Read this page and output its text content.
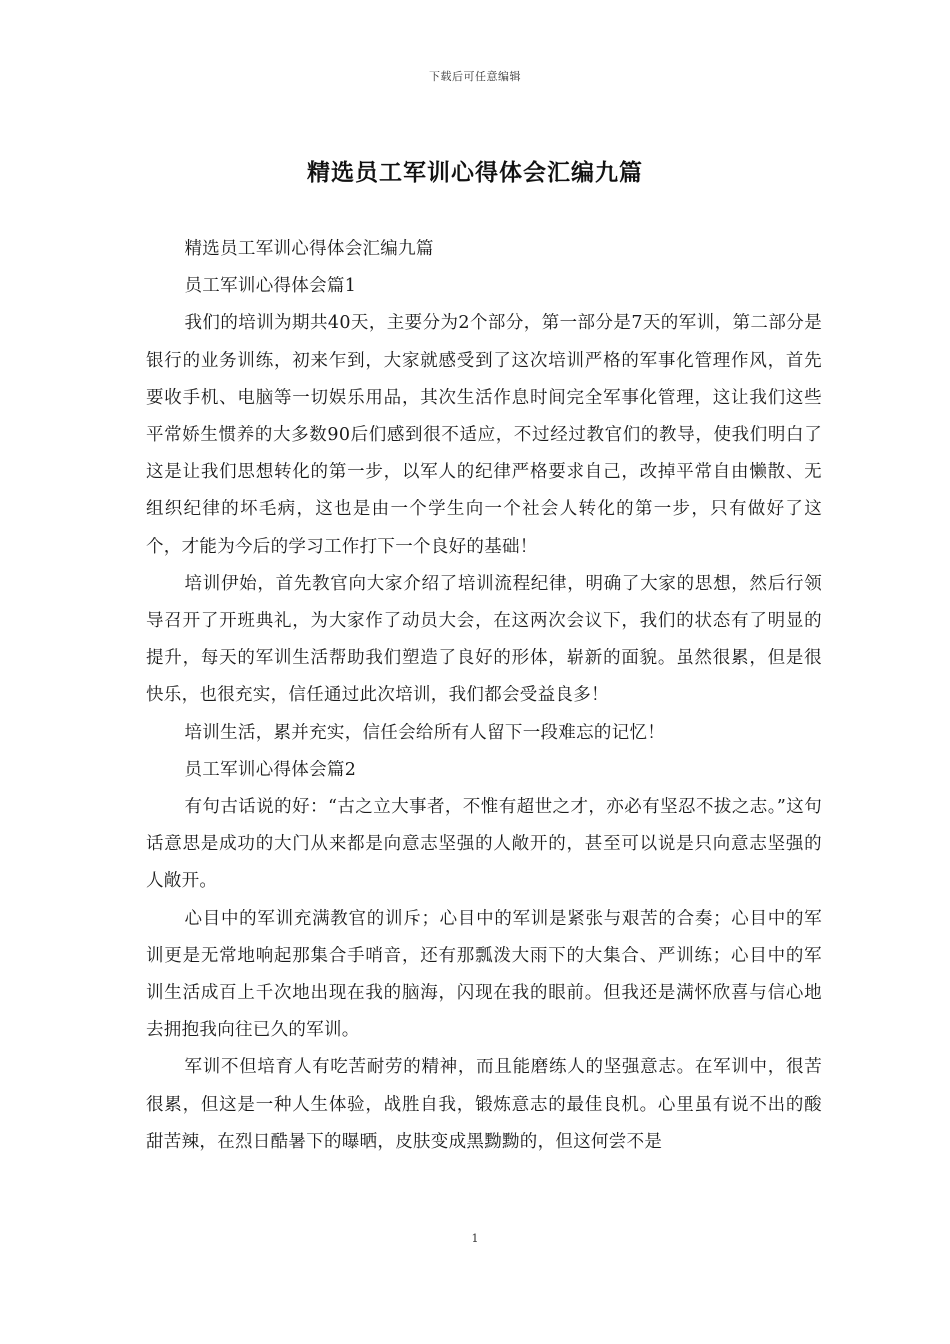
下载后可任意编辑
精选员工军训心得体会汇编九篇

精选员工军训心得体会汇编九篇

员工军训心得体会篇1

我们的培训为期共40天，主要分为2个部分，第一部分是7天的军训，第二部分是银行的业务训练，初来乍到，大家就感受到了这次培训严格的军事化管理作风，首先要收手机、电脑等一切娱乐用品，其次生活作息时间完全军事化管理，这让我们这些平常娇生惯养的大多数90后们感到很不适应，不过经过教官们的教导，使我们明白了这是让我们思想转化的第一步，以军人的纪律严格要求自己，改掉平常自由懒散、无组织纪律的坏毛病，这也是由一个学生向一个社会人转化的第一步，只有做好了这个，才能为今后的学习工作打下一个良好的基础！

培训伊始，首先教官向大家介绍了培训流程纪律，明确了大家的思想，然后行领导召开了开班典礼，为大家作了动员大会，在这两次会议下，我们的状态有了明显的提升，每天的军训生活帮助我们塑造了良好的形体，崭新的面貌。虽然很累，但是很快乐，也很充实，信任通过此次培训，我们都会受益良多！

培训生活，累并充实，信任会给所有人留下一段难忘的记忆！

员工军训心得体会篇2

有句古话说的好：“古之立大事者，不惟有超世之才，亦必有坚忍不拔之志。”这句话意思是成功的大门从来都是向意志坚强的人敞开的，甚至可以说是只向意志坚强的人敞开。

心目中的军训充满教官的训斥；心目中的军训是紧张与艰苦的合奏；心目中的军训更是无常地响起那集合手哨音，还有那瓢泼大雨下的大集合、严训练；心目中的军训生活成百上千次地出现在我的脑海，闪现在我的眼前。但我还是满怀欣喜与信心地去拥抱我向往已久的军训。

军训不但培育人有吃苦耐劳的精神，而且能磨练人的坚强意志。在军训中，很苦很累，但这是一种人生体验，战胜自我，锻炼意志的最佳良机。心里虽有说不出的酸甜苦辣，在烈日酷暑下的曝晒，皮肤变成黑黝黝的，但这何尝不是

1
